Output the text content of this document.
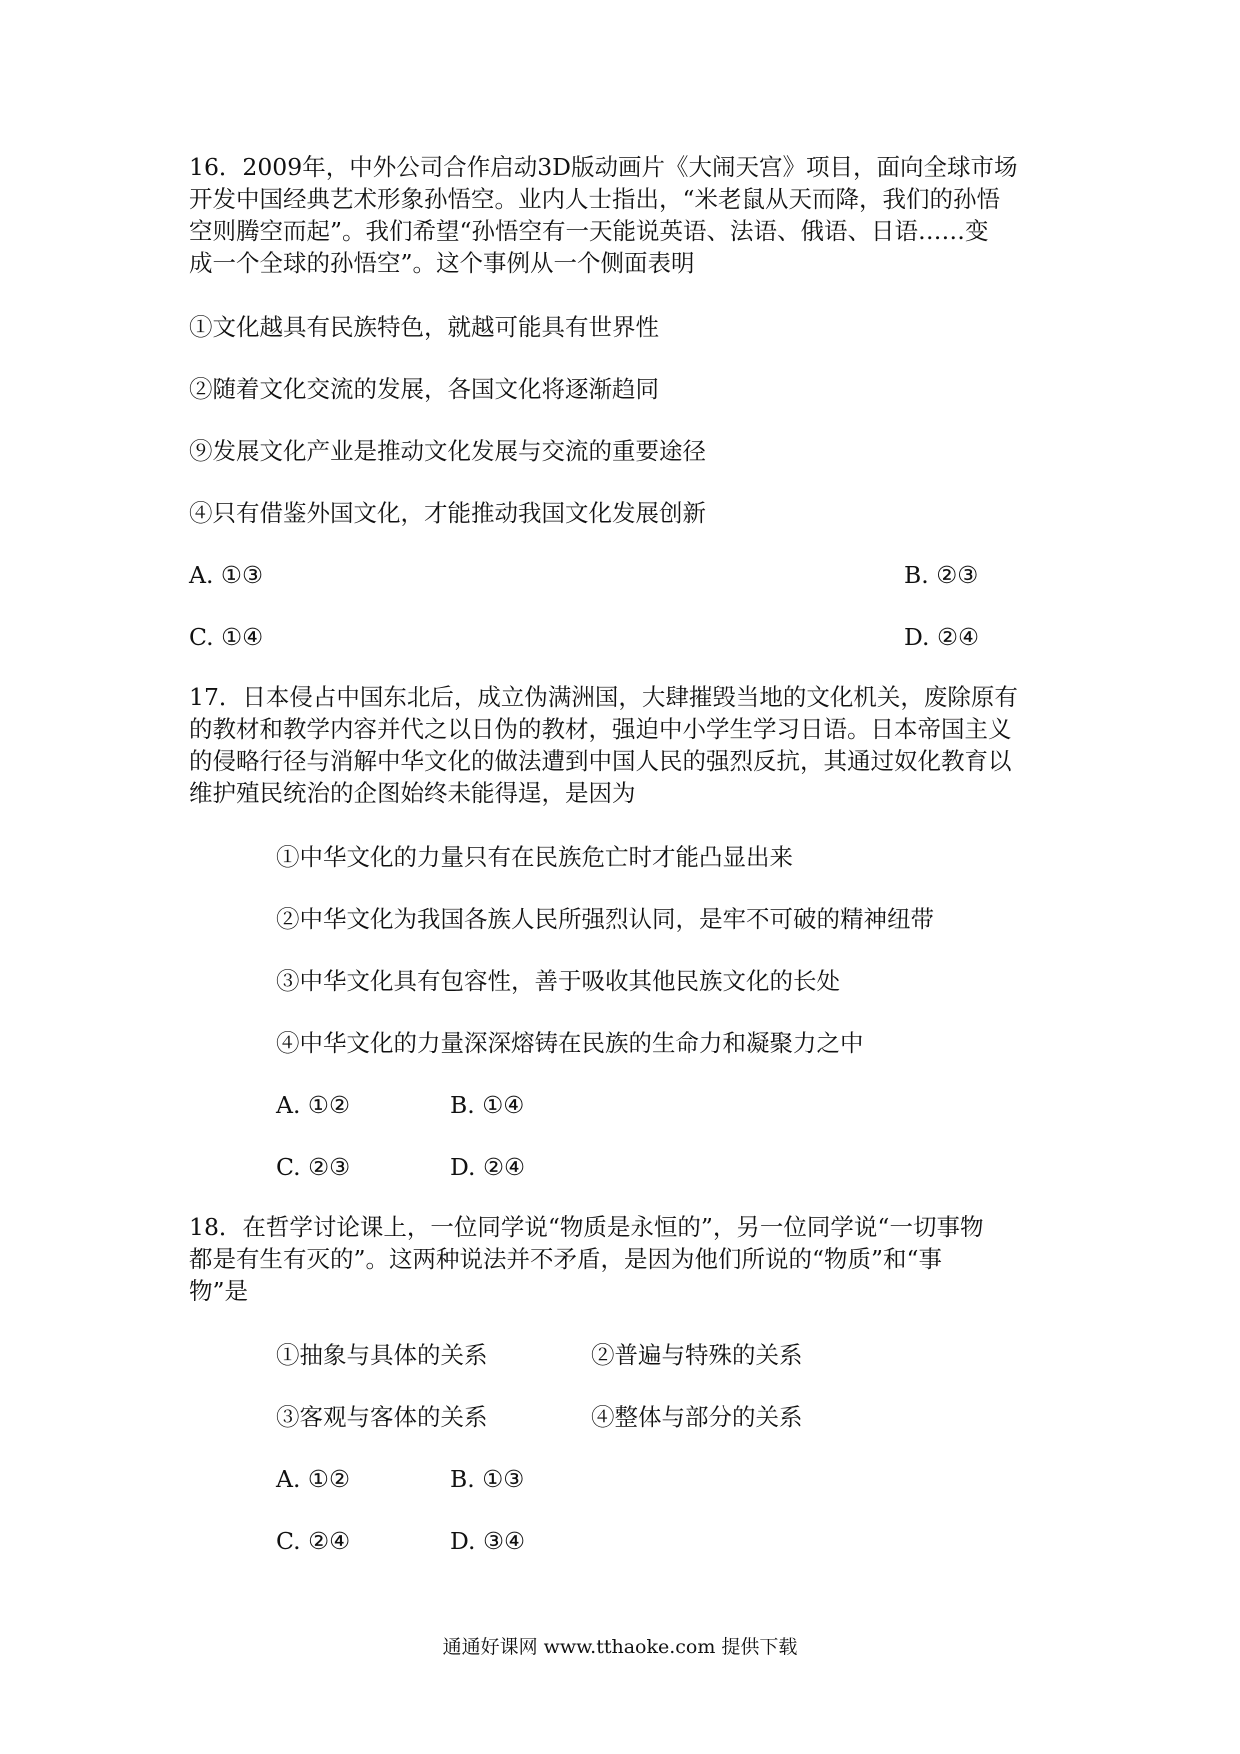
16．2009年，中外公司合作启动3D版动画片《大闹天宫》项目，面向全球市场
开发中国经典艺术形象孙悟空。业内人士指出，“米老鼠从天而降，我们的孙悟
空则腾空而起”。我们希望“孙悟空有一天能说英语、法语、俄语、日语……变
成一个全球的孙悟空”。这个事例从一个侧面表明
①文化越具有民族特色，就越可能具有世界性
②随着文化交流的发展，各国文化将逐渐趋同
⑨发展文化产业是推动文化发展与交流的重要途径
④只有借鉴外国文化，才能推动我国文化发展创新
A. ①③	B. ②③
C. ①④	D. ②④
17．日本侵占中国东北后，成立伪满洲国，大肆摧毁当地的文化机关，废除原有
的教材和教学内容并代之以日伪的教材，强迫中小学生学习日语。日本帝国主义
的侵略行径与消解中华文化的做法遭到中国人民的强烈反抗，其通过奴化教育以
维护殖民统治的企图始终未能得逞，是因为
①中华文化的力量只有在民族危亡时才能凸显出来
②中华文化为我国各族人民所强烈认同，是牢不可破的精神纽带
③中华文化具有包容性，善于吸收其他民族文化的长处
④中华文化的力量深深熔铸在民族的生命力和凝聚力之中
A. ①②	B. ①④
C. ②③	D. ②④
18．在哲学讨论课上，一位同学说“物质是永恒的”，另一位同学说“一切事物
都是有生有灭的”。这两种说法并不矛盾，是因为他们所说的“物质”和“事
物”是
①抽象与具体的关系	②普遍与特殊的关系
③客观与客体的关系	④整体与部分的关系
A. ①②	B. ①③
C. ②④	D. ③④
通通好课网 www.tthaoke.com 提供下载
